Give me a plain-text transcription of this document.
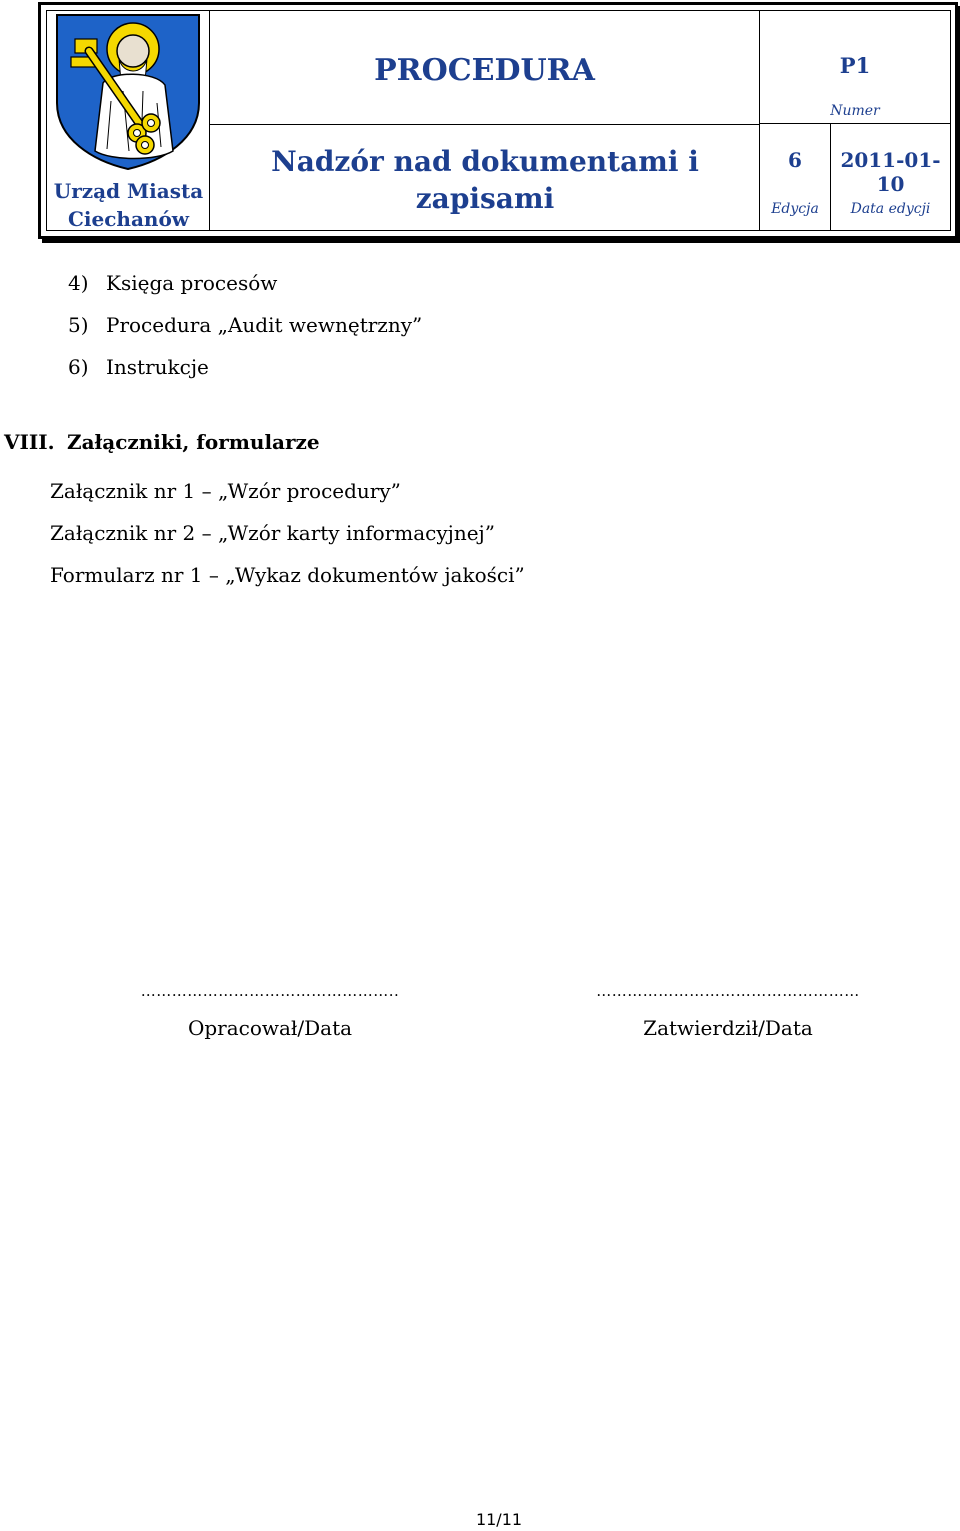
Urząd Miasta
Ciechanów
PROCEDURA
Nadzór nad dokumentami i
zapisami
P1
Numer
6
Edycja
2011-01-10
Data edycji
4) Księga procesów
5) Procedura „Audit wewnętrzny”
6) Instrukcje
VIII. Załączniki, formularze
Załącznik nr 1 – „Wzór procedury”
Załącznik nr 2 – „Wzór karty informacyjnej”
Formularz nr 1 – „Wykaz dokumentów jakości”
…………………………………………..
Opracował/Data
……………………………………………
Zatwierdził/Data
11/11
